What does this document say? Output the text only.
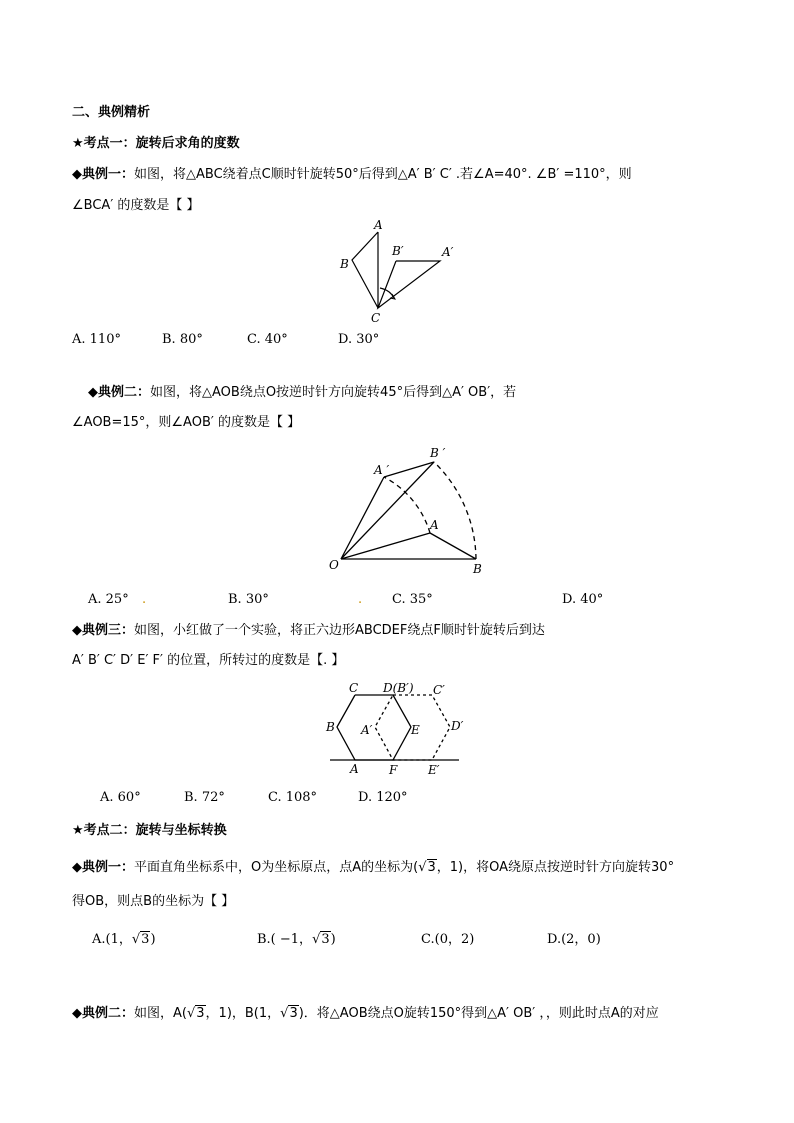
二、典例精析
★考点一：旋转后求角的度数
◆典例一：如图，将△ABC绕着点C顺时针旋转50°后得到△A′ B′ C′ .若∠A=40°. ∠B′ =110°，则
∠BCA′ 的度数是【 】
A
B
B′	A′
C
A. 110°	B. 80°	C. 40°	D. 30°
◆典例二：如图，将△AOB绕点O按逆时针方向旋转45°后得到△A′ OB′，若
∠AOB=15°，则∠AOB′ 的度数是【 】
A ′
B ′
A
O	B
A. 25° .	B. 30°	. C. 35°	D. 40°
◆典例三：如图，小红做了一个实验，将正六边形ABCDEF绕点F顺时针旋转后到达
A′ B′ C′ D′ E′ F′ 的位置，所转过的度数是【. 】
C D(B′) C′
B A′	E	D′
A	F	E′
A. 60°	B. 72°	C. 108°	D. 120°
★考点二：旋转与坐标转换
◆典例一：平面直角坐标系中，O为坐标原点，点A的坐标为(√3，1)，将OA绕原点按逆时针方向旋转30°
得OB，则点B的坐标为【 】
A.(1，√3)	B.( −1，√3)	C.(0，2)	D.(2，0)
◆典例二：如图，A(√3，1)，B(1，√3)．将△AOB绕点O旋转150°得到△A′ OB′ ，，则此时点A的对应
